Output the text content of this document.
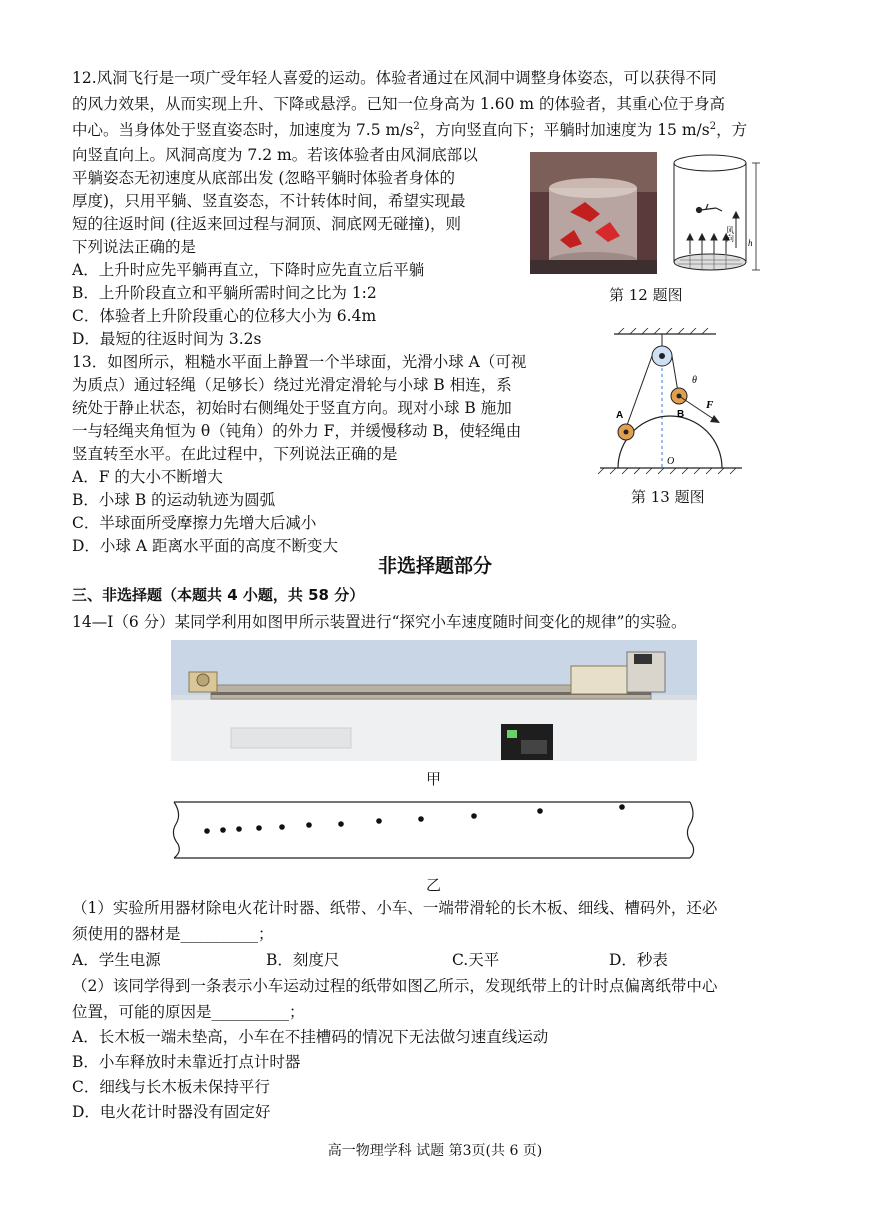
12.风洞飞行是一项广受年轻人喜爱的运动。体验者通过在风洞中调整身体姿态，可以获得不同
的风力效果，从而实现上升、下降或悬浮。已知一位身高为 1.60 m 的体验者，其重心位于身高
中心。当身体处于竖直姿态时，加速度为 7.5 $m/s^2$，方向竖直向下；平躺时加速度为 15 $m/s^2$，方
向竖直向上。风洞高度为 7.2 m。若该体验者由风洞底部以
平躺姿态无初速度从底部出发 (忽略平躺时体验者身体的
厚度)，只用平躺、竖直姿态，不计转体时间，希望实现最
短的往返时间 (往返来回过程与洞顶、洞底网无碰撞)，则
下列说法正确的是
A．上升时应先平躺再直立，下降时应先直立后平躺
B．上升阶段直立和平躺所需时间之比为 1:2
C．体验者上升阶段重心的位移大小为 6.4m
D．最短的往返时间为 3.2s
h
风向
第 12 题图
13．如图所示，粗糙水平面上静置一个半球面，光滑小球 A（可视
为质点）通过轻绳（足够长）绕过光滑定滑轮与小球 B 相连，系
统处于静止状态，初始时右侧绳处于竖直方向。现对小球 B 施加
一与轻绳夹角恒为 θ（钝角）的外力 F，并缓慢移动 B，使轻绳由
竖直转至水平。在此过程中，下列说法正确的是
A．F 的大小不断增大
B．小球 B 的运动轨迹为圆弧
C．半球面所受摩擦力先增大后减小
D．小球 A 距离水平面的高度不断变大
A	B
F
θ
O
第 13 题图
非选择题部分
三、非选择题（本题共 4 小题，共 58 分）
14—I（6 分）某同学利用如图甲所示装置进行“探究小车速度随时间变化的规律”的实验。
甲
乙
（1）实验所用器材除电火花计时器、纸带、小车、一端带滑轮的长木板、细线、槽码外，还必
须使用的器材是__________；
A．学生电源	B．刻度尺	C.天平	D．秒表
（2）该同学得到一条表示小车运动过程的纸带如图乙所示，发现纸带上的计时点偏离纸带中心
位置，可能的原因是__________；
A．长木板一端未垫高，小车在不挂槽码的情况下无法做匀速直线运动
B．小车释放时未靠近打点计时器
C．细线与长木板未保持平行
D．电火花计时器没有固定好
高一物理学科 试题 第3页(共 6 页)
